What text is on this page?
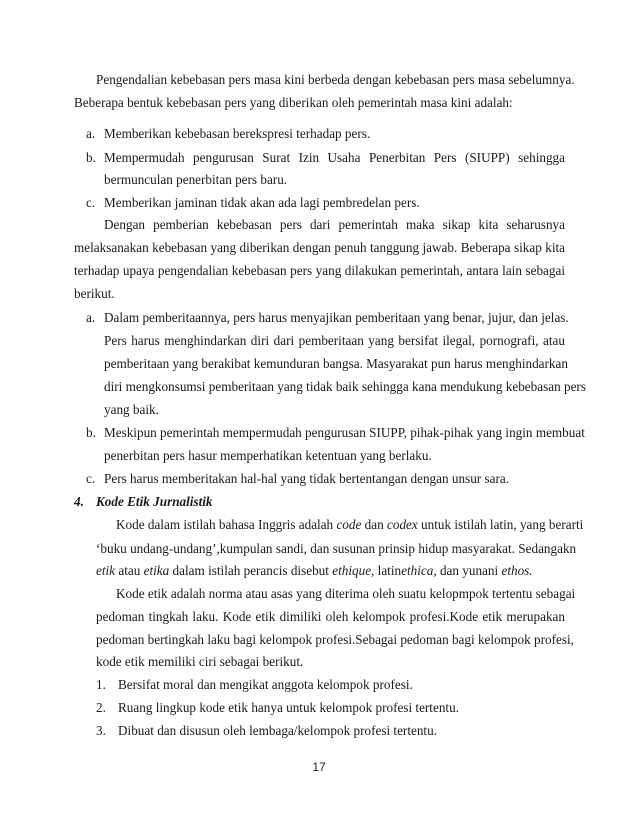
Pengendalian kebebasan pers masa kini berbeda dengan kebebasan pers masa sebelumnya.
Beberapa bentuk kebebasan pers yang diberikan oleh pemerintah masa kini adalah:
a. Memberikan kebebasan berekspresi terhadap pers.
b. Mempermudah pengurusan Surat Izin Usaha Penerbitan Pers (SIUPP) sehingga
bermunculan penerbitan pers baru.
c. Memberikan jaminan tidak akan ada lagi pembredelan pers.
Dengan pemberian kebebasan pers dari pemerintah maka sikap kita seharusnya
melaksanakan kebebasan yang diberikan dengan penuh tanggung jawab. Beberapa sikap kita
terhadap upaya pengendalian kebebasan pers yang dilakukan pemerintah, antara lain sebagai
berikut.
a. Dalam pemberitaannya, pers harus menyajikan pemberitaan yang benar, jujur, dan jelas.
Pers harus menghindarkan diri dari pemberitaan yang bersifat ilegal, pornografi, atau
pemberitaan yang berakibat kemunduran bangsa. Masyarakat pun harus menghindarkan
diri mengkonsumsi pemberitaan yang tidak baik sehingga kana mendukung kebebasan pers
yang baik.
b. Meskipun pemerintah mempermudah pengurusan SIUPP, pihak-pihak yang ingin membuat
penerbitan pers hasur memperhatikan ketentuan yang berlaku.
c. Pers harus memberitakan hal-hal yang tidak bertentangan dengan unsur sara.
4. Kode Etik Jurnalistik
Kode dalam istilah bahasa Inggris adalah code dan codex untuk istilah latin, yang berarti
‘buku undang-undang’,kumpulan sandi, dan susunan prinsip hidup masyarakat. Sedangakn
etik atau etika dalam istilah perancis disebut ethique, latinethica, dan yunani ethos.
Kode etik adalah norma atau asas yang diterima oleh suatu kelopmpok tertentu sebagai
pedoman tingkah laku. Kode etik dimiliki oleh kelompok profesi.Kode etik merupakan
pedoman bertingkah laku bagi kelompok profesi.Sebagai pedoman bagi kelompok profesi,
kode etik memiliki ciri sebagai berikut.
1. Bersifat moral dan mengikat anggota kelompok profesi.
2. Ruang lingkup kode etik hanya untuk kelompok profesi tertentu.
3. Dibuat dan disusun oleh lembaga/kelompok profesi tertentu.
17
